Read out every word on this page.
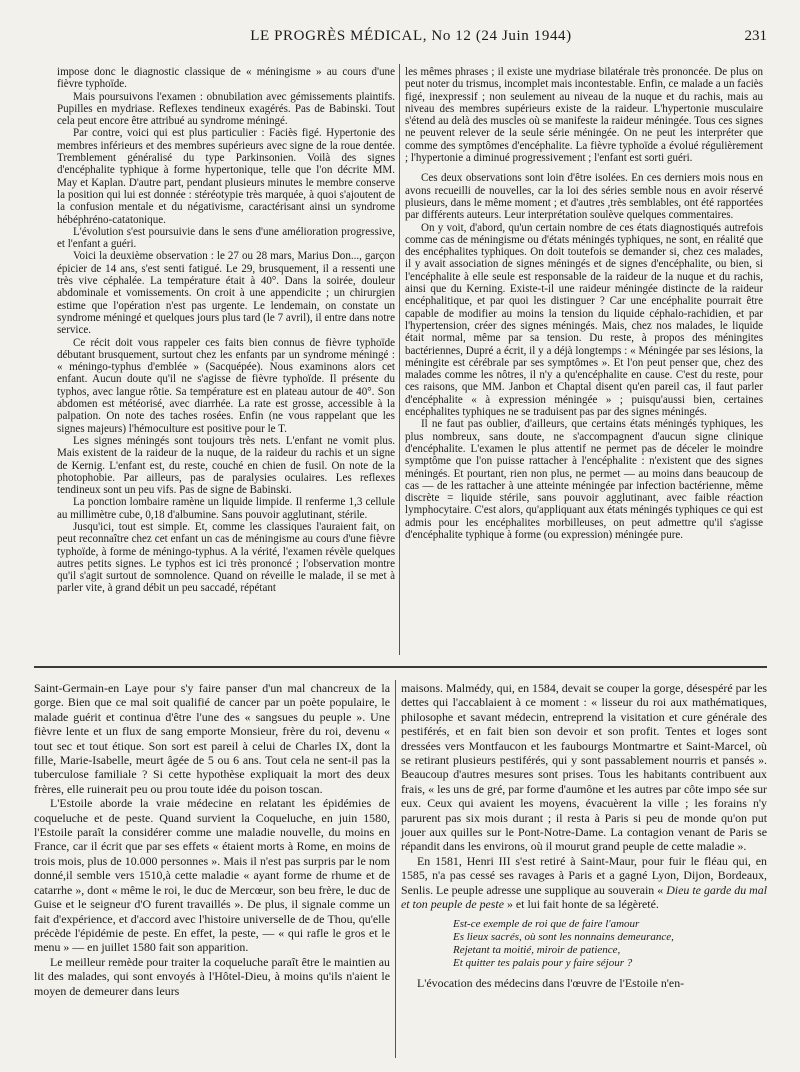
LE PROGRÈS MÉDICAL, No 12 (24 Juin 1944)	231

impose donc le diagnostic classique de « méningisme » au cours d'une fièvre typhoïde.

Mais poursuivons l'examen : obnubilation avec gémissements plaintifs. Pupilles en mydriase. Reflexes tendineux exagérés. Pas de Babinski. Tout cela peut encore être attribué au syndrome méningé.

Par contre, voici qui est plus particulier : Faciès figé. Hypertonie des membres inférieurs et des membres supérieurs avec signe de la roue dentée. Tremblement généralisé du type Parkinsonien. Voilà des signes d'encéphalite typhique à forme hypertonique, telle que l'on décrite MM. May et Kaplan. D'autre part, pendant plusieurs minutes le membre conserve la position qui lui est donnée : stéréotypie très marquée, à quoi s'ajoutent de la confusion mentale et du négativisme, caractérisant ainsi un syndrome hébéphréno-catatonique.

L'évolution s'est poursuivie dans le sens d'une amélioration progressive, et l'enfant a guéri.

Voici la deuxième observation : le 27 ou 28 mars, Marius Don..., garçon épicier de 14 ans, s'est senti fatigué. Le 29, brusquement, il a ressenti une très vive céphalée. La température était à 40°. Dans la soirée, douleur abdominale et vomissements. On croit à une appendicite ; un chirurgien estime que l'opération n'est pas urgente. Le lendemain, on constate un syndrome méningé et quelques jours plus tard (le 7 avril), il entre dans notre service.

Ce récit doit vous rappeler ces faits bien connus de fièvre typhoïde débutant brusquement, surtout chez les enfants par un syndrome méningé : « méningo-typhus d'emblée » (Sacquépée). Nous examinons alors cet enfant. Aucun doute qu'il ne s'agisse de fièvre typhoïde. Il présente du typhos, avec langue rôtie. Sa température est en plateau autour de 40°. Son abdomen est météorisé, avec diarrhée. La rate est grosse, accessible à la palpation. On note des taches rosées. Enfin (ne vous rappelant que les signes majeurs) l'hémoculture est positive pour le T.

Les signes méningés sont toujours très nets. L'enfant ne vomit plus. Mais existent de la raideur de la nuque, de la raideur du rachis et un signe de Kernig. L'enfant est, du reste, couché en chien de fusil. On note de la photophobie. Par ailleurs, pas de paralysies oculaires. Les reflexes tendineux sont un peu vifs. Pas de signe de Babinski.

La ponction lombaire ramène un liquide limpide. Il renferme 1,3 cellule au millimètre cube, 0,18 d'albumine. Sans pouvoir agglutinant, stérile.

Jusqu'ici, tout est simple. Et, comme les classiques l'auraient fait, on peut reconnaître chez cet enfant un cas de méningisme au cours d'une fièvre typhoïde, à forme de méningo-typhus. A la vérité, l'examen révèle quelques autres petits signes. Le typhos est ici très prononcé ; l'observation montre qu'il s'agit surtout de somnolence. Quand on réveille le malade, il se met à parler vite, à grand débit un peu saccadé, répétant

les mêmes phrases ; il existe une mydriase bilatérale très prononcée. De plus on peut noter du trismus, incomplet mais incontestable. Enfin, ce malade a un faciès figé, inexpressif ; non seulement au niveau de la nuque et du rachis, mais au niveau des membres supérieurs existe de la raideur. L'hypertonie musculaire s'étend au delà des muscles où se manifeste la raideur méningée. Tous ces signes ne peuvent relever de la seule série méningée. On ne peut les interpréter que comme des symptômes d'encéphalite. La fièvre typhoïde a évolué régulièrement ; l'hypertonie a diminué progressivement ; l'enfant est sorti guéri.

Ces deux observations sont loin d'être isolées. En ces derniers mois nous en avons recueilli de nouvelles, car la loi des séries semble nous en avoir réservé plusieurs, dans le même moment ; et d'autres ,très semblables, ont été rapportées par différents auteurs. Leur interprétation soulève quelques commentaires.

On y voit, d'abord, qu'un certain nombre de ces états diagnostiqués autrefois comme cas de méningisme ou d'états méningés typhiques, ne sont, en réalité que des encéphalites typhiques. On doit toutefois se demander si, chez ces malades, il y avait association de signes méningés et de signes d'encéphalite, ou bien, si l'encéphalite à elle seule est responsable de la raideur de la nuque et du rachis, ainsi que du Kerning. Existe-t-il une raideur méningée distincte de la raideur encéphalitique, et par quoi les distinguer ? Car une encéphalite pourrait être capable de modifier au moins la tension du liquide céphalo-rachidien, et par l'hypertension, créer des signes méningés. Mais, chez nos malades, le liquide était normal, même par sa tension. Du reste, à propos des méningites bactériennes, Dupré a écrit, il y a déjà longtemps : « Méningée par ses lésions, la méningite est cérébrale par ses symptômes ». Et l'on peut penser que, chez des malades comme les nôtres, il n'y a qu'encéphalite en cause. C'est du reste, pour ces raisons, que MM. Janbon et Chaptal disent qu'en pareil cas, il faut parler d'encéphalite « à expression méningée » ; puisqu'aussi bien, certaines encéphalites typhiques ne se traduisent pas par des signes méningés.

Il ne faut pas oublier, d'ailleurs, que certains états méningés typhiques, les plus nombreux, sans doute, ne s'accompagnent d'aucun signe clinique d'encéphalite. L'examen le plus attentif ne permet pas de déceler le moindre symptôme que l'on puisse rattacher à l'encéphalite : n'existent que des signes méningés. Et pourtant, rien non plus, ne permet — au moins dans beaucoup de cas — de les rattacher à une atteinte méningée par infection bactérienne, même discrète = liquide stérile, sans pouvoir agglutinant, avec faible réaction lymphocytaire. C'est alors, qu'appliquant aux états méningés typhiques ce qui est admis pour les encéphalites morbilleuses, on peut admettre qu'il s'agisse d'encéphalite typhique à forme (ou expression) méningée pure.

Saint-Germain-en Laye pour s'y faire panser d'un mal chancreux de la gorge. Bien que ce mal soit qualifié de cancer par un poète populaire, le malade guérit et continua d'être l'une des « sangsues du peuple ». Une fièvre lente et un flux de sang emporte Monsieur, frère du roi, devenu « tout sec et tout étique. Son sort est pareil à celui de Charles IX, dont la fille, Marie-Isabelle, meurt âgée de 5 ou 6 ans. Tout cela ne sent-il pas la tuberculose familiale ? Si cette hypothèse expliquait la mort des deux frères, elle ruinerait peu ou prou toute idée du poison toscan.

L'Estoile aborde la vraie médecine en relatant les épidémies de coqueluche et de peste. Quand survient la Coqueluche, en juin 1580, l'Estoile paraît la considérer comme une maladie nouvelle, du moins en France, car il écrit que par ses effets « étaient morts à Rome, en moins de trois mois, plus de 10.000 personnes ». Mais il n'est pas surpris par le nom donné,il semble vers 1510,à cette maladie « ayant forme de rhume et de catarrhe », dont « même le roi, le duc de Mercœur, son beu frère, le duc de Guise et le seigneur d'O furent travaillés ». De plus, il signale comme un fait d'expérience, et d'accord avec l'histoire universelle de de Thou, qu'elle précède l'épidémie de peste. En effet, la peste, — « qui rafle le gros et le menu » — en juillet 1580 fait son apparition.

Le meilleur remède pour traiter la coqueluche paraît être le maintien au lit des malades, qui sont envoyés à l'Hôtel-Dieu, à moins qu'ils n'aient le moyen de demeurer dans leurs

maisons. Malmédy, qui, en 1584, devait se couper la gorge, désespéré par les dettes qui l'accablaient à ce moment : « lisseur du roi aux mathématiques, philosophe et savant médecin, entreprend la visitation et cure générale des pestiférés, et en fait bien son devoir et son profit. Tentes et loges sont dressées vers Montfaucon et les faubourgs Montmartre et Saint-Marcel, où se retirant plusieurs pestiférés, qui y sont passablement nourris et pansés ». Beaucoup d'autres mesures sont prises. Tous les habitants contribuent aux frais, « les uns de gré, par forme d'aumône et les autres par côte impo sée sur eux. Ceux qui avaient les moyens, évacuèrent la ville ; les forains n'y parurent pas six mois durant ; il resta à Paris si peu de monde qu'on put jouer aux quilles sur le Pont-Notre-Dame. La contagion venant de Paris se répandit dans les environs, où il mourut grand peuple de cette maladie ».

En 1581, Henri III s'est retiré à Saint-Maur, pour fuir le fléau qui, en 1585, n'a pas cessé ses ravages à Paris et a gagné Lyon, Dijon, Bordeaux, Senlis. Le peuple adresse une supplique au souverain « Dieu te garde du mal et ton peuple de peste » et lui fait honte de sa légèreté.

Est-ce exemple de roi que de faire l'amour
Es lieux sacrés, où sont les nonnains demeurance,
Rejetant ta moitié, miroir de patience,
Et quitter tes palais pour y faire séjour ?

L'évocation des médecins dans l'œuvre de l'Estoile n'en-
